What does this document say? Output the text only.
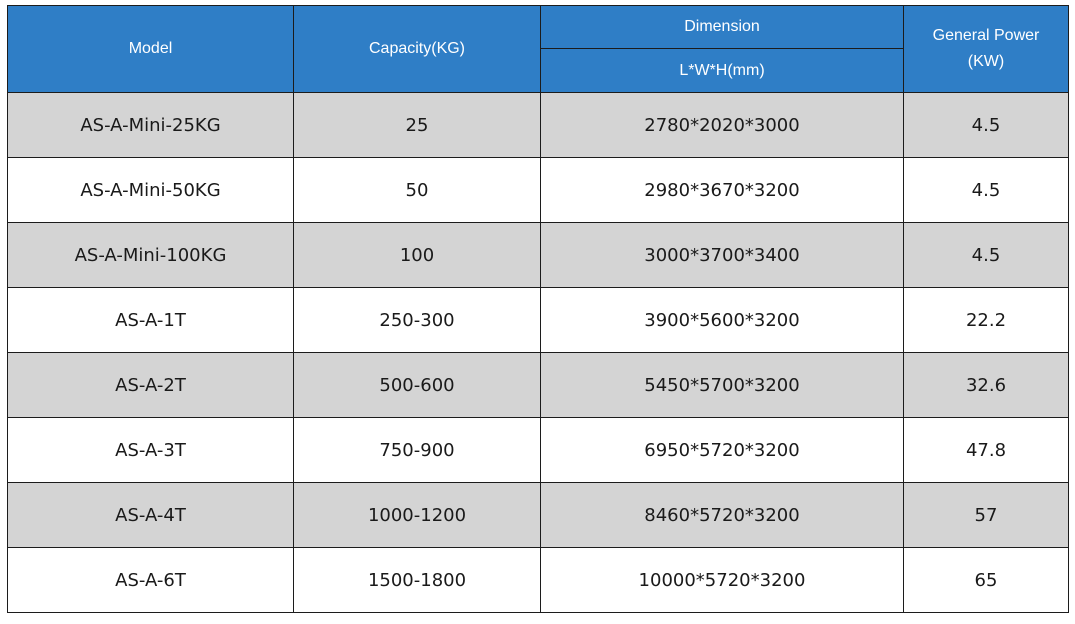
Model	Capacity(KG)	Dimension	General Power
(KW)
		L*W*H(mm)	
AS-A-Mini-25KG	25	2780*2020*3000	4.5
AS-A-Mini-50KG	50	2980*3670*3200	4.5
AS-A-Mini-100KG	100	3000*3700*3400	4.5
AS-A-1T	250-300	3900*5600*3200	22.2
AS-A-2T	500-600	5450*5700*3200	32.6
AS-A-3T	750-900	6950*5720*3200	47.8
AS-A-4T	1000-1200	8460*5720*3200	57
AS-A-6T	1500-1800	10000*5720*3200	65
